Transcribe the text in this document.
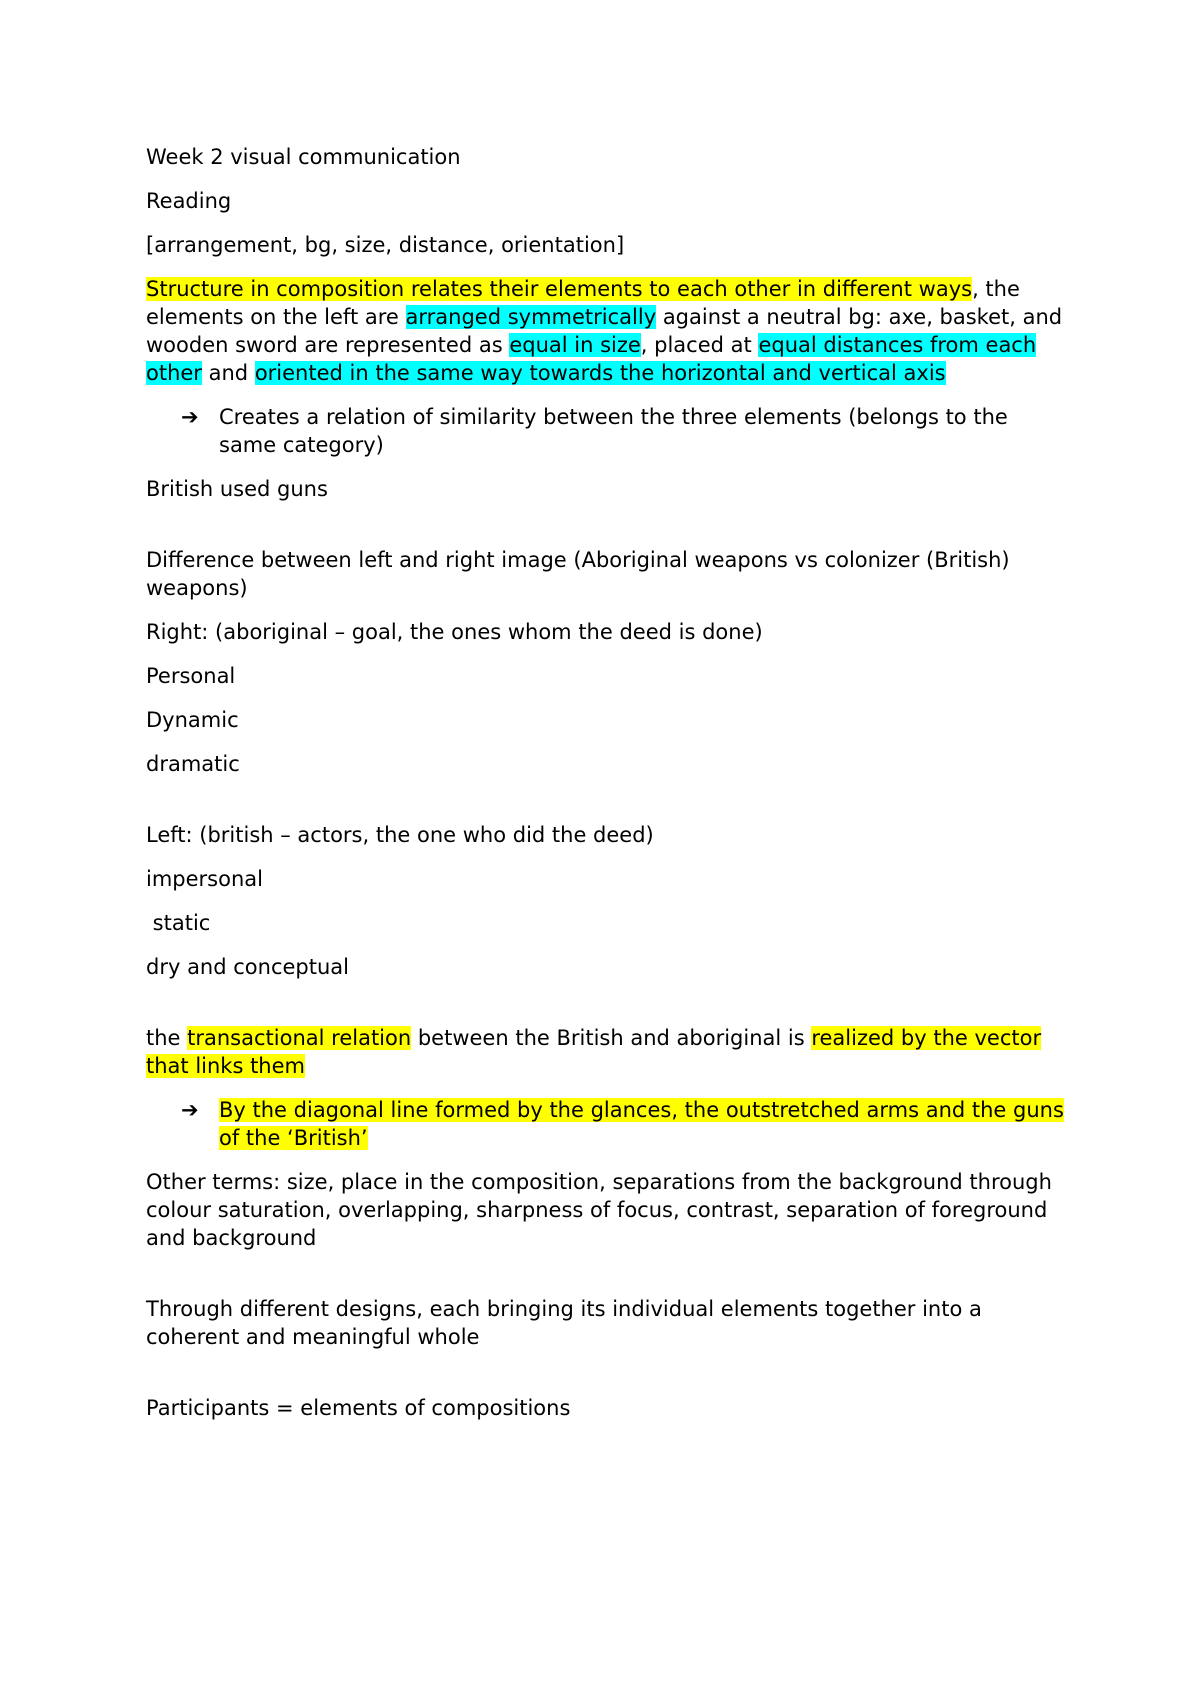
Week 2 visual communication

Reading

[arrangement, bg, size, distance, orientation]

Structure in composition relates their elements to each other in different ways, the elements on the left are arranged symmetrically against a neutral bg: axe, basket, and wooden sword are represented as equal in size, placed at equal distances from each other and oriented in the same way towards the horizontal and vertical axis

➔ Creates a relation of similarity between the three elements (belongs to the same category)

British used guns

Difference between left and right image (Aboriginal weapons vs colonizer (British) weapons)

Right: (aboriginal – goal, the ones whom the deed is done)

Personal

Dynamic

dramatic

Left: (british – actors, the one who did the deed)

impersonal

static

dry and conceptual

the transactional relation between the British and aboriginal is realized by the vector that links them

➔ By the diagonal line formed by the glances, the outstretched arms and the guns of the ‘British’

Other terms: size, place in the composition, separations from the background through colour saturation, overlapping, sharpness of focus, contrast, separation of foreground and background

Through different designs, each bringing its individual elements together into a coherent and meaningful whole

Participants = elements of compositions
